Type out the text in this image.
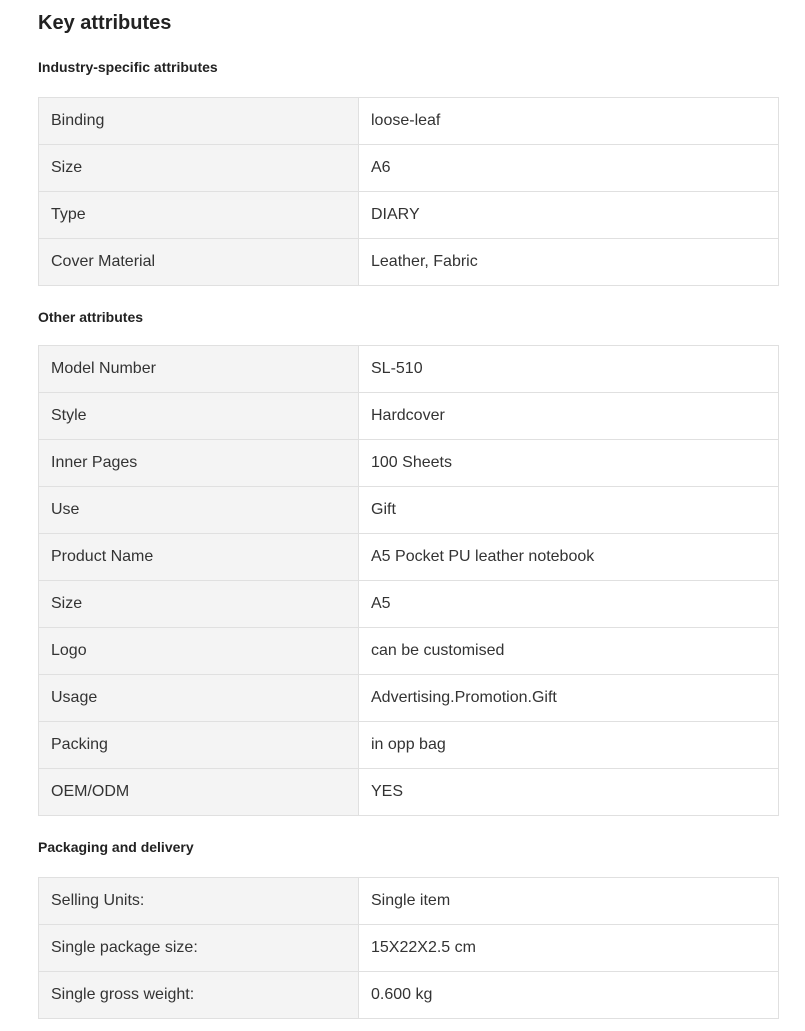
Key attributes
Industry-specific attributes
Binding	loose-leaf
Size	A6
Type	DIARY
Cover Material	Leather, Fabric
Other attributes
Model Number	SL-510
Style	Hardcover
Inner Pages	100 Sheets
Use	Gift
Product Name	A5 Pocket PU leather notebook
Size	A5
Logo	can be customised
Usage	Advertising.Promotion.Gift
Packing	in opp bag
OEM/ODM	YES
Packaging and delivery
Selling Units:	Single item
Single package size:	15X22X2.5 cm
Single gross weight:	0.600 kg
